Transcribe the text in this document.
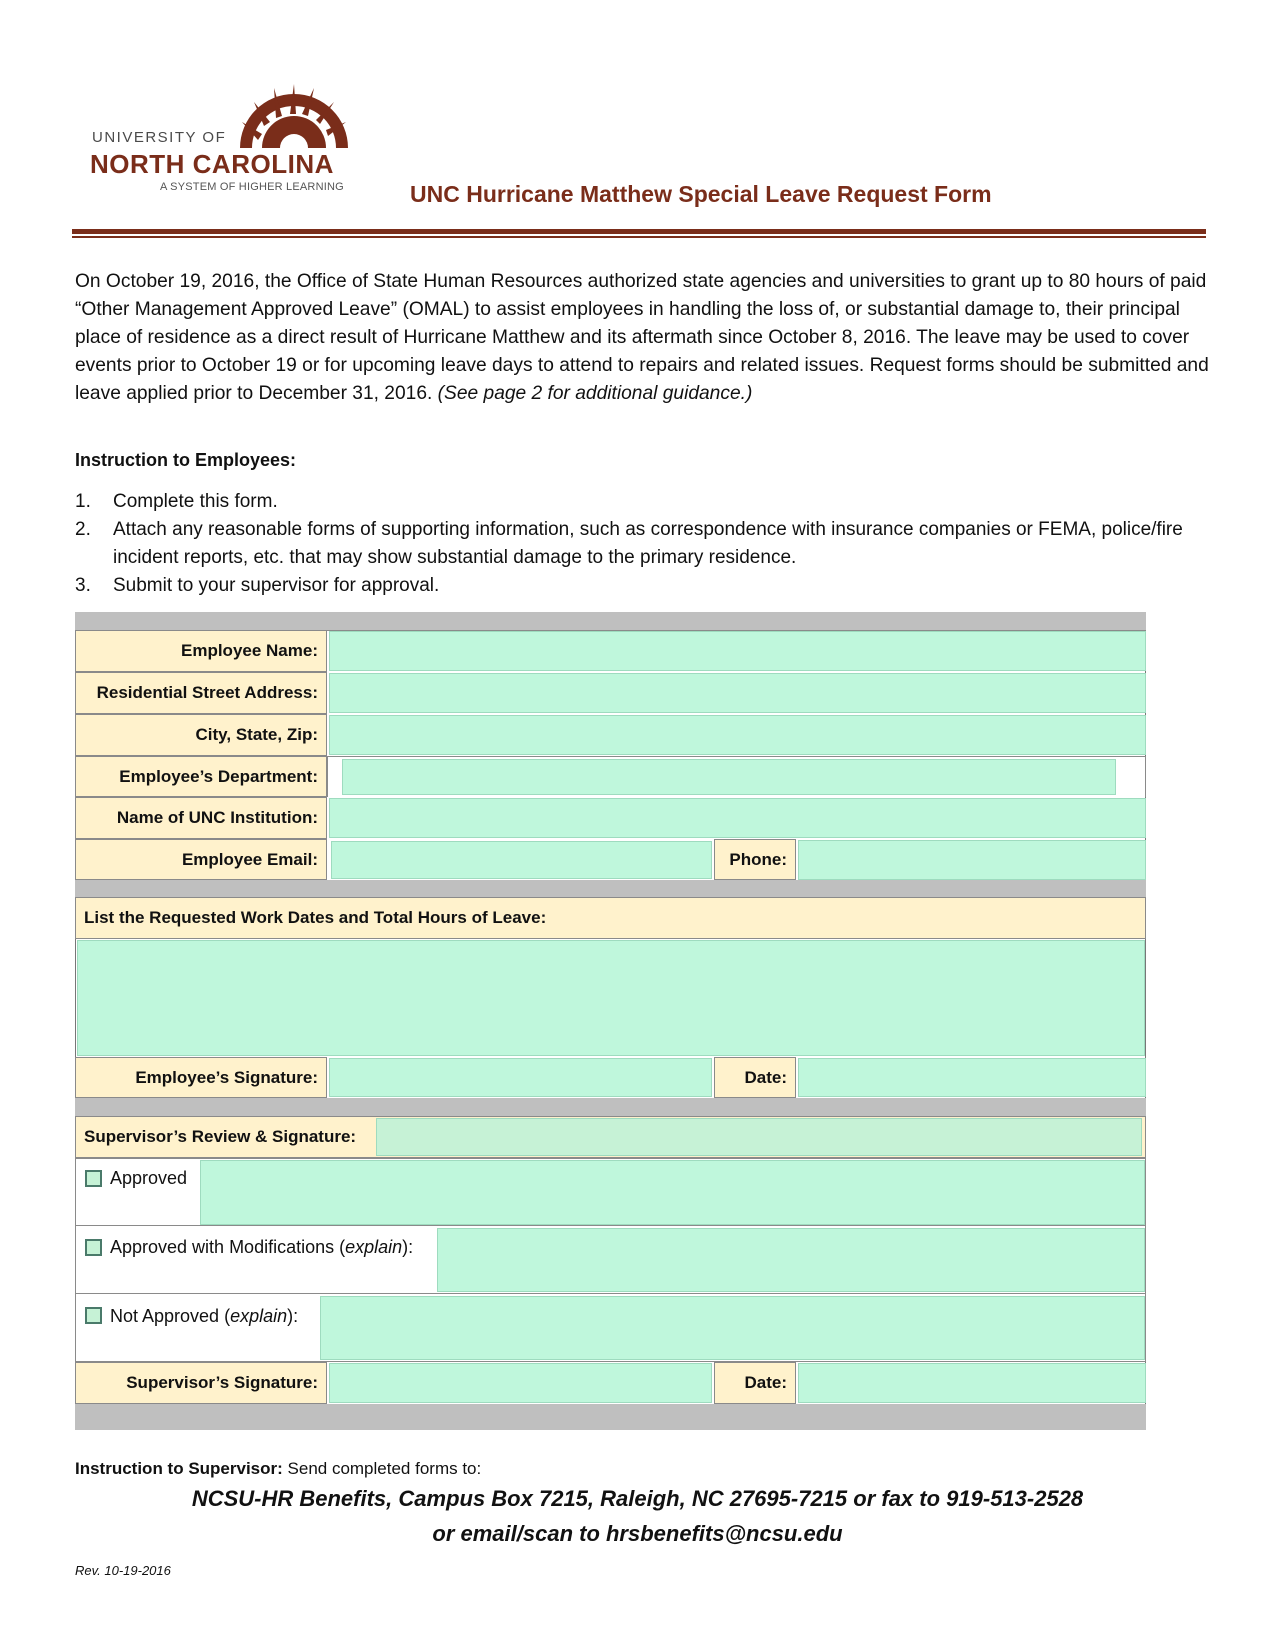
UNIVERSITY OF
NORTH CAROLINA
A SYSTEM OF HIGHER LEARNING	UNC Hurricane Matthew Special Leave Request Form
On October 19, 2016, the Office of State Human Resources authorized state agencies and universities to grant up to 80 hours of paid “Other Management Approved Leave” (OMAL) to assist employees in handling the loss of, or substantial damage to, their principal place of residence as a direct result of Hurricane Matthew and its aftermath since October 8, 2016. The leave may be used to cover events prior to October 19 or for upcoming leave days to attend to repairs and related issues. Request forms should be submitted and leave applied prior to December 31, 2016. (See page 2 for additional guidance.)
Instruction to Employees:
1. Complete this form.
2. Attach any reasonable forms of supporting information, such as correspondence with insurance companies or FEMA, police/fire incident reports, etc. that may show substantial damage to the primary residence.
3. Submit to your supervisor for approval.
Employee Name:
Residential Street Address:
City, State, Zip:
Employee’s Department:
Name of UNC Institution:
Employee Email:	Phone:
List the Requested Work Dates and Total Hours of Leave:
Employee’s Signature:	Date:
Supervisor’s Review & Signature:
Approved
Approved with Modifications (explain):
Not Approved (explain):
Supervisor’s Signature:	Date:
Instruction to Supervisor: Send completed forms to:
NCSU-HR Benefits, Campus Box 7215, Raleigh, NC 27695-7215 or fax to 919-513-2528
or email/scan to hrsbenefits@ncsu.edu
Rev. 10-19-2016
